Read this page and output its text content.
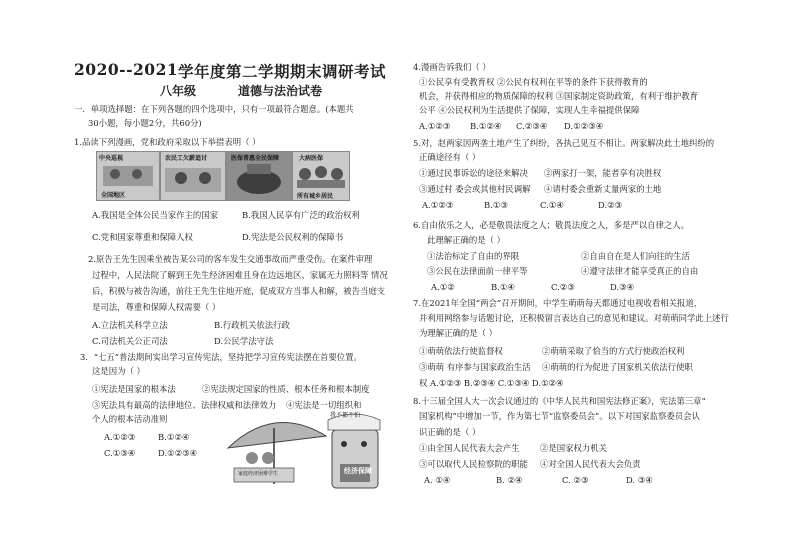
2020--2021 学年度第二学期期末调研考试
八年级	道德与法治试卷
一．单项选择题：在下列各题的四个选项中，只有一项最符合题意。(本题共
30小题，每小题2分，共60分)
1.品读下列漫画，党和政府采取以下举措表明（ ）
中央巡视
全国地区
农民工欠薪追讨	医保普惠全民保障	大病医保
所有城乡居民
A.我国是全体公民当家作主的国家	B.我国人民享有广泛的政治权利
C.党和国家尊重和保障人权	D.宪法是公民权利的保障书
2.原告王先生因乘坐被告某公司的客车发生交通事故而严重受伤。在案件审理
过程中，人民法院了解到王先生经济困难且身在边远地区、家属无力照料等 情况
后，积极与被告沟通，前往王先生住地开庭，促成双方当事人和解，被告当庭支
是司法，尊重和保障人权需要（ ）
A.立法机关科学立法	B.行政机关依法行政
C.司法机关公正司法	D.公民学法守法
3．“七五”普法期间实出学习宣传宪法，坚持把学习宣传宪法摆在首要位置。
这是因为（ ）
①宪法是国家的根本法	②宪法规定国家的性质、根本任务和根本制度
③宪法具有最高的法律地位、法律权威和法律效力 ④宪法是一切组织和
个人的根本活动准则
A.①②③	B.①②④
C.①③④	D.①②③④
我不都不怕
经济保障
家庭经济困难学生
4.漫画告诉我们（ ）
①公民享有受教育权 ②公民有权利在平等的条件下获得教育的
机会，并获得相应的物质保障的权利 ③国家制定资助政策，有利于维护教育
公平 ④公民权利为生活提供了保障，实现人生幸福提供保障
A.①②③ B.①②④ C.②③④ D.①②③④
5.对，赵两家因两垄土地产生了纠纷，各执己见互不相让。两家解决此土地纠纷的
正确途径有（ ）
①通过民事诉讼的途径来解决 ②两家打一架，能者享有决胜权
③通过村 委会或其他村民调解 ④请村委会重新丈量两家的土地
A.①②③	B.①③	C.①④	D.②③
6.自由依乐之人，必是敬畏法度之人；敬畏法度之人，多是严以自律之人。
此理解正确的是（ ）
①法治标定了自由的界限	②自由自在是人们向往的生活
③公民在法律面前一律平等	④遵守法律才能享受真正的自由
A.①②	B.①④	C.②③	D.③④
7.在2021年全国“两会”召开期间，中学生萌萌每天都通过电视收看相关报道，
并利用网络参与话题讨论，还积极留言表达自己的意见和建议。对萌萌同学此上述行
为理解正确的是（ ）
①萌萌依法行使监督权	②萌萌采取了恰当的方式行使政治权利
③萌萌 有序参与国家政治生活 ④萌萌的行为促进了国家机关依法行使职
权 A.①②③ B.②③④ C.①③④ D.①②④
8.十三届全国人大一次会议通过的《中华人民共和国宪法修正案》，宪法第三章“
国家机构”中增加一节，作为第七节“监察委员会”。以下对国家监察委员会认
识正确的是（ ）
①由全国人民代表大会产生 ②是国家权力机关
③可以取代人民检察院的职能 ④对全国人民代表大会负责
A. ①④	B. ②④	C. ②③	D. ③④
